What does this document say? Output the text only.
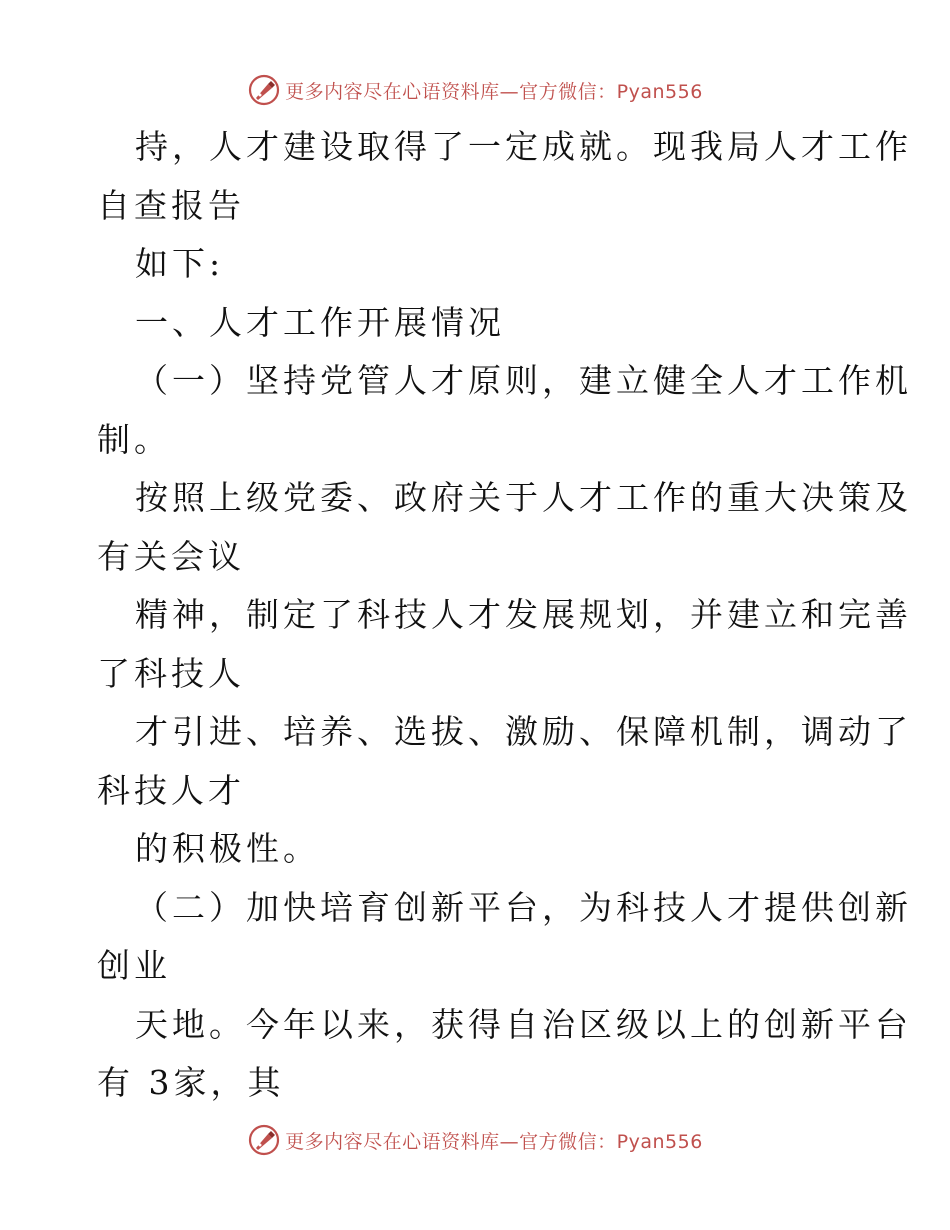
更多内容尽在心语资料库—官方微信：Pyan556
持，人才建设取得了一定成就。现我局人才工作
自查报告
如下:
一、人才工作开展情况
（一）坚持党管人才原则，建立健全人才工作机
制。
按照上级党委、政府关于人才工作的重大决策及
有关会议
精神，制定了科技人才发展规划，并建立和完善
了科技人
才引进、培养、选拔、激励、保障机制，调动了
科技人才
的积极性。
（二）加快培育创新平台，为科技人才提供创新
创业
天地。今年以来，获得自治区级以上的创新平台
有 3家，其
更多内容尽在心语资料库—官方微信：Pyan556
